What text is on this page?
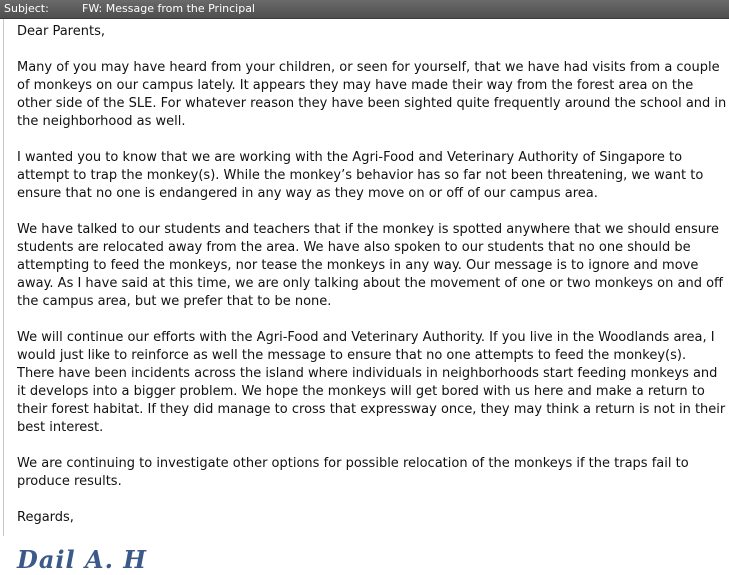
Subject:	FW: Message from the Principal

Dear Parents,

Many of you may have heard from your children, or seen for yourself, that we have had visits from a couple of monkeys on our campus lately. It appears they may have made their way from the forest area on the other side of the SLE. For whatever reason they have been sighted quite frequently around the school and in the neighborhood as well.

I wanted you to know that we are working with the Agri-Food and Veterinary Authority of Singapore to attempt to trap the monkey(s). While the monkey’s behavior has so far not been threatening, we want to ensure that no one is endangered in any way as they move on or off of our campus area.

We have talked to our students and teachers that if the monkey is spotted anywhere that we should ensure students are relocated away from the area. We have also spoken to our students that no one should be attempting to feed the monkeys, nor tease the monkeys in any way. Our message is to ignore and move away. As I have said at this time, we are only talking about the movement of one or two monkeys on and off the campus area, but we prefer that to be none.

We will continue our efforts with the Agri-Food and Veterinary Authority. If you live in the Woodlands area, I would just like to reinforce as well the message to ensure that no one attempts to feed the monkey(s). There have been incidents across the island where individuals in neighborhoods start feeding monkeys and it develops into a bigger problem. We hope the monkeys will get bored with us here and make a return to their forest habitat. If they did manage to cross that expressway once, they may think a return is not in their best interest.

We are continuing to investigate other options for possible relocation of the monkeys if the traps fail to produce results.

Regards,

Dail A. H
